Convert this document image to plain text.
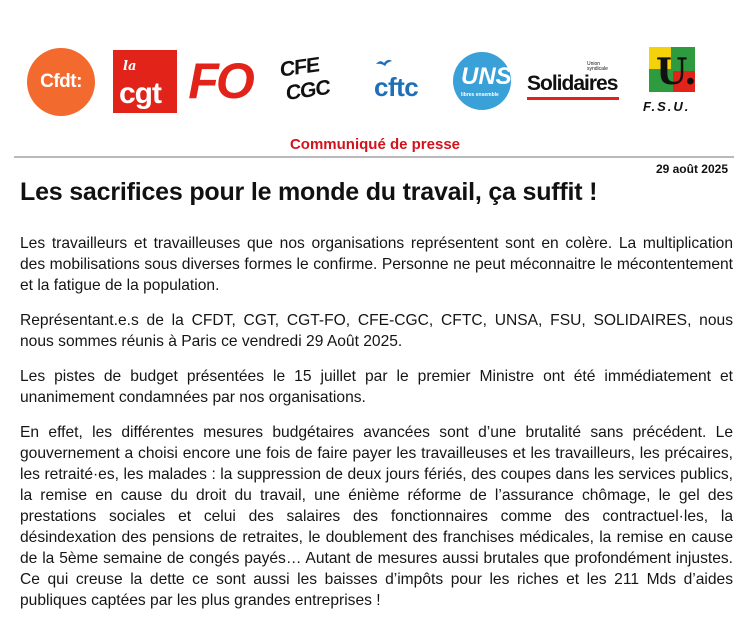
Cfdt:
la
cgt FO CFE
CGC cftc UNSA
libres ensemble
Union syndicale
Solidaires U.
F.S.U.
Communiqué de presse
29 août 2025
Les sacrifices pour le monde du travail, ça suffit !

Les travailleurs et travailleuses que nos organisations représentent sont en colère. La multiplication des mobilisations sous diverses formes le confirme. Personne ne peut méconnaitre le mécontentement et la fatigue de la population.

Représentant.e.s de la CFDT, CGT, CGT-FO, CFE-CGC, CFTC, UNSA, FSU, SOLIDAIRES, nous nous sommes réunis à Paris ce vendredi 29 Août 2025.

Les pistes de budget présentées le 15 juillet par le premier Ministre ont été immédiatement et unanimement condamnées par nos organisations.

En effet, les différentes mesures budgétaires avancées sont d’une brutalité sans précédent. Le gouvernement a choisi encore une fois de faire payer les travailleuses et les travailleurs, les précaires, les retraité·es, les malades : la suppression de deux jours fériés, des coupes dans les services publics, la remise en cause du droit du travail, une énième réforme de l’assurance chômage, le gel des prestations sociales et celui des salaires des fonctionnaires comme des contractuel·les, la désindexation des pensions de retraites, le doublement des franchises médicales, la remise en cause de la 5ème semaine de congés payés… Autant de mesures aussi brutales que profondément injustes. Ce qui creuse la dette ce sont aussi les baisses d’impôts pour les riches et les 211 Mds d’aides publiques captées par les plus grandes entreprises !
